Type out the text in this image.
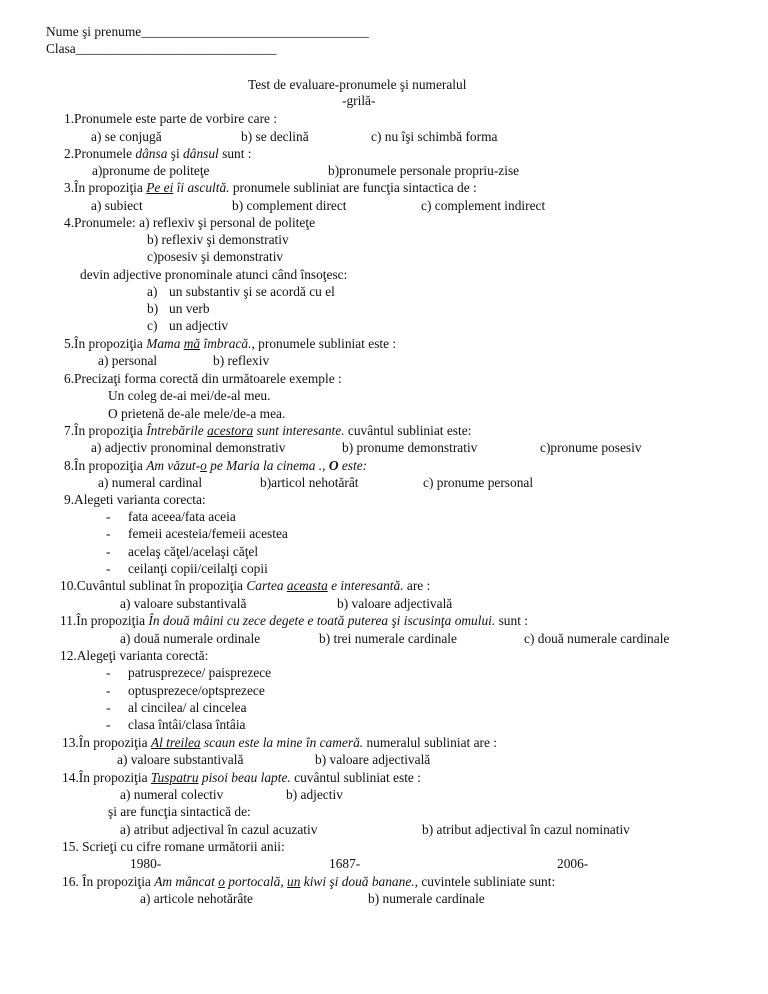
Nume şi prenume__________________________________
Clasa______________________________
Test de evaluare-pronumele şi numeralul
-grilă-
1.Pronumele este parte de vorbire care :
a) se conjugă	b) se declină	c) nu îşi schimbă forma
2.Pronumele dânsa şi dânsul sunt :
a)pronume de politeţe	b)pronumele personale propriu-zise
3.În propoziţia Pe ei îi ascultă. pronumele subliniat are funcţia sintactica de :
a) subiect	b) complement direct	c) complement indirect
4.Pronumele: a) reflexiv şi personal de politeţe
b) reflexiv şi demonstrativ
c)posesiv şi demonstrativ
devin adjective pronominale atunci când însoţesc:
a) un substantiv şi se acordă cu el
b) un verb
c) un adjectiv
5.În propoziţia Mama mă îmbracă., pronumele subliniat este :
a) personal	b) reflexiv
6.Precizaţi forma corectă din următoarele exemple :
Un coleg de-ai mei/de-al meu.
O prietenă de-ale mele/de-a mea.
7.În propoziţia Întrebările acestora sunt interesante. cuvântul subliniat este:
a) adjectiv pronominal demonstrativ	b) pronume demonstrativ	c)pronume posesiv
8.În propoziţia Am văzut-o pe Maria la cinema ., O este:
a) numeral cardinal	b)articol nehotărât	c) pronume personal
9.Alegeti varianta corecta:
- fata aceea/fata aceia
- femeii acesteia/femeii acestea
- acelaş căţel/acelaşi căţel
- ceilanţi copii/ceilalţi copii
10.Cuvântul sublinat în propoziţia Cartea aceasta e interesantă. are :
a) valoare substantivală	b) valoare adjectivală
11.În propoziţia În două mâini cu zece degete e toată puterea şi iscusinţa omului. sunt :
a) două numerale ordinale	b) trei numerale cardinale	c) două numerale cardinale
12.Alegeţi varianta corectă:
- patrusprezece/ paisprezece
- optusprezece/optsprezece
- al cincilea/ al cincelea
- clasa întâi/clasa întâia
13.În propoziţia Al treilea scaun este la mine în cameră. numeralul subliniat are :
a) valoare substantivală	b) valoare adjectivală
14.În propoziţia Tuspatru pisoi beau lapte. cuvântul subliniat este :
a) numeral colectiv	b) adjectiv
şi are funcţia sintactică de:
a) atribut adjectival în cazul acuzativ	b) atribut adjectival în cazul nominativ
15. Scrieţi cu cifre romane următorii anii:
1980-	1687-	2006-
16. În propoziţia Am mâncat o portocală, un kiwi şi două banane., cuvintele subliniate sunt:
a) articole nehotărâte	b) numerale cardinale
